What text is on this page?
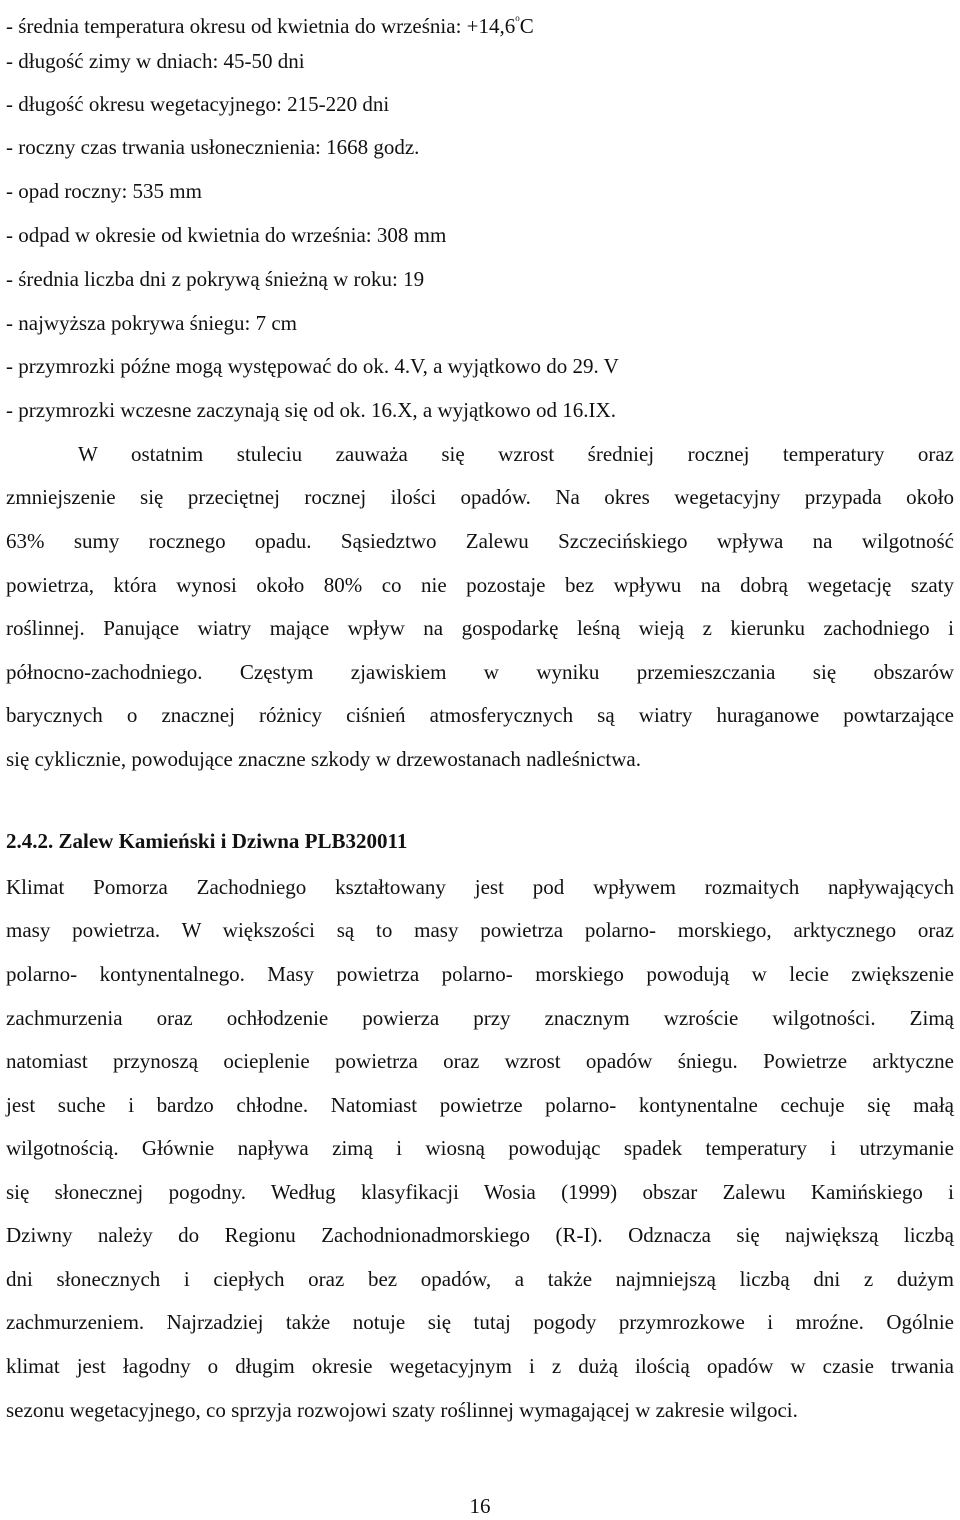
- średnia temperatura okresu od kwietnia do września: $+14,6^oC$
- długość zimy w dniach: 45-50 dni
- długość okresu wegetacyjnego: 215-220 dni
- roczny czas trwania usłonecznienia: 1668 godz.
- opad roczny: 535 mm
- odpad w okresie od kwietnia do września: 308 mm
- średnia liczba dni z pokrywą śnieżną w roku: 19
- najwyższa pokrywa śniegu: 7 cm
- przymrozki późne mogą występować do ok. 4.V, a wyjątkowo do 29. V
- przymrozki wczesne zaczynają się od ok. 16.X, a wyjątkowo od 16.IX.
W ostatnim stuleciu zauważa się wzrost średniej rocznej temperatury oraz
zmniejszenie się przeciętnej rocznej ilości opadów. Na okres wegetacyjny przypada około
63% sumy rocznego opadu. Sąsiedztwo Zalewu Szczecińskiego wpływa na wilgotność
powietrza, która wynosi około 80% co nie pozostaje bez wpływu na dobrą wegetację szaty
roślinnej. Panujące wiatry mające wpływ na gospodarkę leśną wieją z kierunku zachodniego i
północno-zachodniego. Częstym zjawiskiem w wyniku przemieszczania się obszarów
barycznych o znacznej różnicy ciśnień atmosferycznych są wiatry huraganowe powtarzające
się cyklicznie, powodujące znaczne szkody w drzewostanach nadleśnictwa.
2.4.2. Zalew Kamieński i Dziwna PLB320011
Klimat Pomorza Zachodniego kształtowany jest pod wpływem rozmaitych napływających
masy powietrza. W większości są to masy powietrza polarno- morskiego, arktycznego oraz
polarno- kontynentalnego. Masy powietrza polarno- morskiego powodują w lecie zwiększenie
zachmurzenia oraz ochłodzenie powierza przy znacznym wzroście wilgotności. Zimą
natomiast przynoszą ocieplenie powietrza oraz wzrost opadów śniegu. Powietrze arktyczne
jest suche i bardzo chłodne. Natomiast powietrze polarno- kontynentalne cechuje się małą
wilgotnością. Głównie napływa zimą i wiosną powodując spadek temperatury i utrzymanie
się słonecznej pogodny. Według klasyfikacji Wosia (1999) obszar Zalewu Kamińskiego i
Dziwny należy do Regionu Zachodnionadmorskiego (R-I). Odznacza się największą liczbą
dni słonecznych i ciepłych oraz bez opadów, a także najmniejszą liczbą dni z dużym
zachmurzeniem. Najrzadziej także notuje się tutaj pogody przymrozkowe i mroźne. Ogólnie
klimat jest łagodny o długim okresie wegetacyjnym i z dużą ilością opadów w czasie trwania
sezonu wegetacyjnego, co sprzyja rozwojowi szaty roślinnej wymagającej w zakresie wilgoci.
16
